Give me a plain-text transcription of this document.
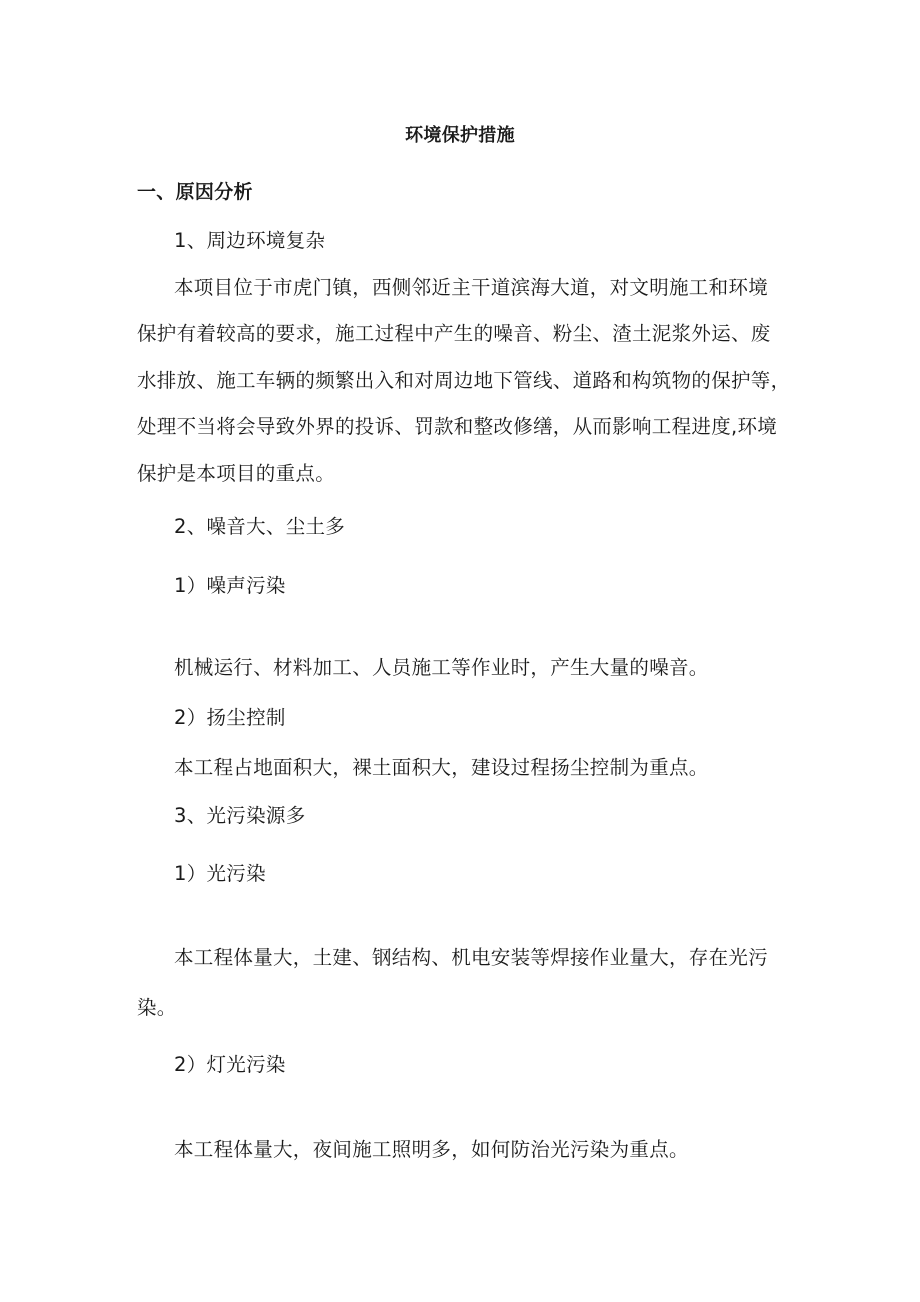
环境保护措施
一、原因分析
1、周边环境复杂
本项目位于市虎门镇，西侧邻近主干道滨海大道，对文明施工和环境
保护有着较高的要求，施工过程中产生的噪音、粉尘、渣土泥浆外运、废
水排放、施工车辆的频繁出入和对周边地下管线、道路和构筑物的保护等，
处理不当将会导致外界的投诉、罚款和整改修缮，从而影响工程进度,环境
保护是本项目的重点。
2、噪音大、尘土多
1）噪声污染
机械运行、材料加工、人员施工等作业时，产生大量的噪音。
2）扬尘控制
本工程占地面积大，裸土面积大，建设过程扬尘控制为重点。
3、光污染源多
1）光污染
本工程体量大，土建、钢结构、机电安装等焊接作业量大，存在光污
染。
2）灯光污染
本工程体量大，夜间施工照明多，如何防治光污染为重点。
